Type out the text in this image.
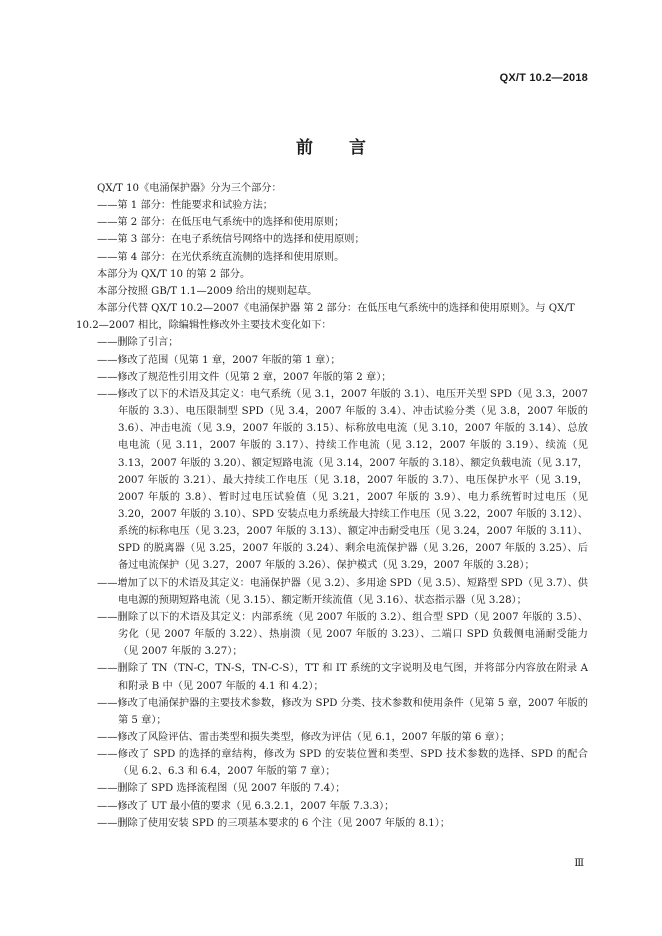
QX/T 10.2—2018
前言

QX/T 10《电涌保护器》分为三个部分：

——第 1 部分：性能要求和试验方法；

——第 2 部分：在低压电气系统中的选择和使用原则；

——第 3 部分：在电子系统信号网络中的选择和使用原则；

——第 4 部分：在光伏系统直流侧的选择和使用原则。

本部分为 QX/T 10 的第 2 部分。

本部分按照 GB/T 1.1—2009 给出的规则起草。

本部分代替 QX/T 10.2—2007《电涌保护器 第 2 部分：在低压电气系统中的选择和使用原则》。与 QX/T 10.2—2007 相比，除编辑性修改外主要技术变化如下：

——删除了引言；

——修改了范围（见第 1 章，2007 年版的第 1 章）；

——修改了规范性引用文件（见第 2 章，2007 年版的第 2 章）；

——修改了以下的术语及其定义：电气系统（见 3.1，2007 年版的 3.1）、电压开关型 SPD（见 3.3，2007 年版的 3.3）、电压限制型 SPD（见 3.4，2007 年版的 3.4）、冲击试验分类（见 3.8，2007 年版的 3.6）、冲击电流（见 3.9，2007 年版的 3.15）、标称放电电流（见 3.10，2007 年版的 3.14）、总放电电流（见 3.11，2007 年版的 3.17）、持续工作电流（见 3.12，2007 年版的 3.19）、续流（见 3.13，2007 年版的 3.20）、额定短路电流（见 3.14，2007 年版的 3.18）、额定负载电流（见 3.17，2007 年版的 3.21）、最大持续工作电压（见 3.18，2007 年版的 3.7）、电压保护水平（见 3.19，2007 年版的 3.8）、暂时过电压试验值（见 3.21，2007 年版的 3.9）、电力系统暂时过电压（见 3.20，2007 年版的 3.10）、SPD 安装点电力系统最大持续工作电压（见 3.22，2007 年版的 3.12）、系统的标称电压（见 3.23，2007 年版的 3.13）、额定冲击耐受电压（见 3.24，2007 年版的 3.11）、SPD 的脱离器（见 3.25，2007 年版的 3.24）、剩余电流保护器（见 3.26，2007 年版的 3.25）、后备过电流保护（见 3.27，2007 年版的 3.26）、保护模式（见 3.29，2007 年版的 3.28）；

——增加了以下的术语及其定义：电涌保护器（见 3.2）、多用途 SPD（见 3.5）、短路型 SPD（见 3.7）、供电电源的预期短路电流（见 3.15）、额定断开续流值（见 3.16）、状态指示器（见 3.28）；

——删除了以下的术语及其定义：内部系统（见 2007 年版的 3.2）、组合型 SPD（见 2007 年版的 3.5）、劣化（见 2007 年版的 3.22）、热崩溃（见 2007 年版的 3.23）、二端口 SPD 负载侧电涌耐受能力（见 2007 年版的 3.27）；

——删除了 TN（TN-C，TN-S，TN-C-S），TT 和 IT 系统的文字说明及电气图，并将部分内容放在附录 A 和附录 B 中（见 2007 年版的 4.1 和 4.2）；

——修改了电涌保护器的主要技术参数，修改为 SPD 分类、技术参数和使用条件（见第 5 章，2007 年版的第 5 章）；

——修改了风险评估、雷击类型和损失类型，修改为评估（见 6.1，2007 年版的第 6 章）；

——修改了 SPD 的选择的章结构，修改为 SPD 的安装位置和类型、SPD 技术参数的选择、SPD 的配合（见 6.2、6.3 和 6.4，2007 年版的第 7 章）；

——删除了 SPD 选择流程图（见 2007 年版的 7.4）；

——修改了 UT 最小值的要求（见 6.3.2.1，2007 年版 7.3.3）；

——删除了使用安装 SPD 的三项基本要求的 6 个注（见 2007 年版的 8.1）；

Ⅲ
